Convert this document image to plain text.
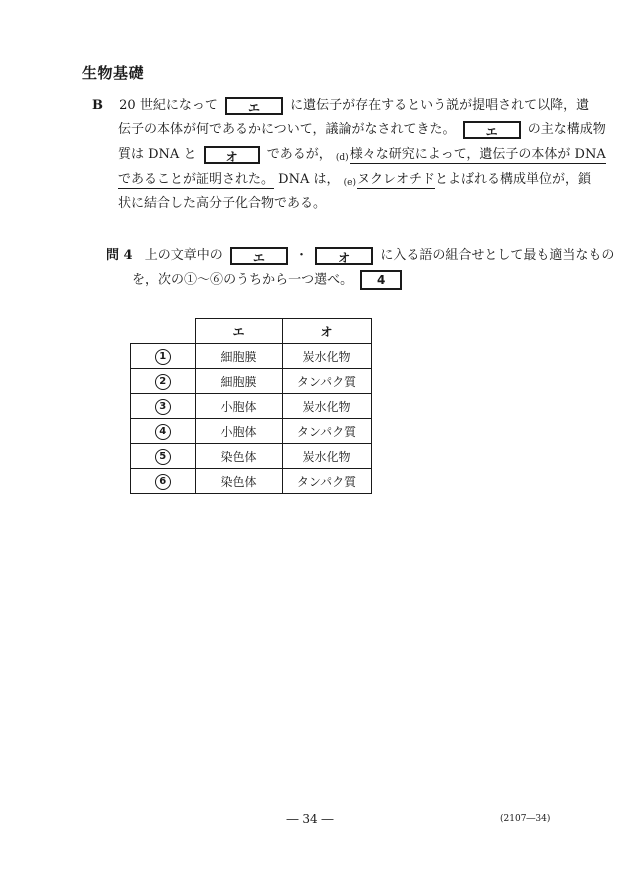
生物基礎
B 20 世紀になって	エ に遺伝子が存在するという説が提唱されて以降，遺
伝子の本体が何であるかについて，議論がなされてきた。	エ の主な構成物
質は DNA と オ であるが， $_{(d)}$様々な研究によって，遺伝子の本体が DNA
であることが証明された。 DNA は， $_{(e)}$ヌクレオチドとよばれる構成単位が，鎖
状に結合した高分子化合物である。
問 4 上の文章中の	エ ・	オ に入る語の組合せとして最も適当なもの
を，次の①～⑥のうちから一つ選べ。 4
	エ	オ
1	細胞膜	炭水化物
2	細胞膜	タンパク質
3	小胞体	炭水化物
4	小胞体	タンパク質
5	染色体	炭水化物
6	染色体	タンパク質
― 34 ―	(2107―34)
